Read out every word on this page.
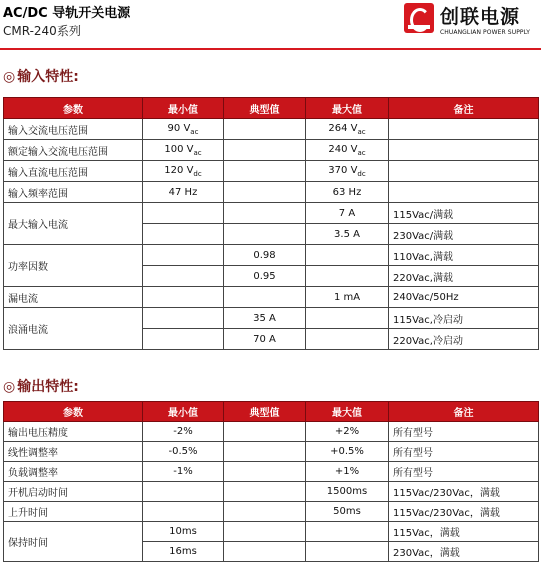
AC/DC 导轨开关电源
CMR-240系列
创联电源
CHUANGLIAN POWER SUPPLY
◎ 输入特性:
参数	最小值	典型值	最大值	备注
输入交流电压范围	90 $V_{ac}$		264 $V_{ac}$	
额定输入交流电压范围	100 $V_{ac}$		240 $V_{ac}$	
输入直流电压范围	120 $V_{dc}$		370 $V_{dc}$	
输入频率范围	47 Hz		63 Hz	
最大输入电流			7 A	115Vac/满载
			3.5 A	230Vac/满载
功率因数		0.98		110Vac,满载
		0.95		220Vac,满载
漏电流			1 mA	240Vac/50Hz
浪涌电流		35 A		115Vac,冷启动
		70 A		220Vac,冷启动
◎ 输出特性:
参数	最小值	典型值	最大值	备注
输出电压精度	-2%		+2%	所有型号
线性调整率	-0.5%		+0.5%	所有型号
负载调整率	-1%		+1%	所有型号
开机启动时间			1500ms	115Vac/230Vac，满载
上升时间			50ms	115Vac/230Vac，满载
保持时间	10ms			115Vac，满载
	16ms			230Vac，满载
